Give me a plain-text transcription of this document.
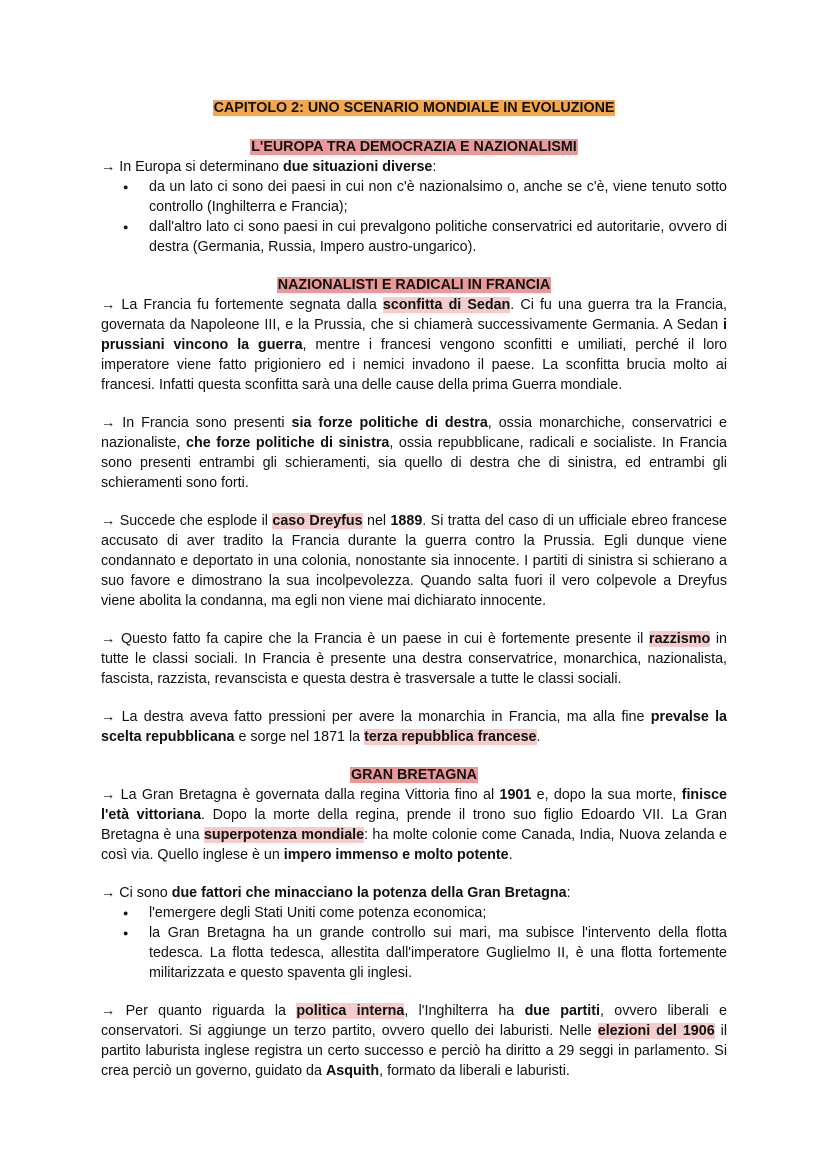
CAPITOLO 2: UNO SCENARIO MONDIALE IN EVOLUZIONE
L'EUROPA TRA DEMOCRAZIA E NAZIONALISMI

→ In Europa si determinano due situazioni diverse:

● da un lato ci sono dei paesi in cui non c'è nazionalsimo o, anche se c'è, viene tenuto sotto controllo (Inghilterra e Francia);
● dall'altro lato ci sono paesi in cui prevalgono politiche conservatrici ed autoritarie, ovvero di destra (Germania, Russia, Impero austro-ungarico).
NAZIONALISTI E RADICALI IN FRANCIA

→ La Francia fu fortemente segnata dalla sconfitta di Sedan. Ci fu una guerra tra la Francia, governata da Napoleone III, e la Prussia, che si chiamerà successivamente Germania. A Sedan i prussiani vincono la guerra, mentre i francesi vengono sconfitti e umiliati, perché il loro imperatore viene fatto prigioniero ed i nemici invadono il paese. La sconfitta brucia molto ai francesi. Infatti questa sconfitta sarà una delle cause della prima Guerra mondiale.

→ In Francia sono presenti sia forze politiche di destra, ossia monarchiche, conservatrici e nazionaliste, che forze politiche di sinistra, ossia repubblicane, radicali e socialiste. In Francia sono presenti entrambi gli schieramenti, sia quello di destra che di sinistra, ed entrambi gli schieramenti sono forti.

→ Succede che esplode il caso Dreyfus nel 1889. Si tratta del caso di un ufficiale ebreo francese accusato di aver tradito la Francia durante la guerra contro la Prussia. Egli dunque viene condannato e deportato in una colonia, nonostante sia innocente. I partiti di sinistra si schierano a suo favore e dimostrano la sua incolpevolezza. Quando salta fuori il vero colpevole a Dreyfus viene abolita la condanna, ma egli non viene mai dichiarato innocente.

→ Questo fatto fa capire che la Francia è un paese in cui è fortemente presente il razzismo in tutte le classi sociali. In Francia è presente una destra conservatrice, monarchica, nazionalista, fascista, razzista, revanscista e questa destra è trasversale a tutte le classi sociali.

→ La destra aveva fatto pressioni per avere la monarchia in Francia, ma alla fine prevalse la scelta repubblicana e sorge nel 1871 la terza repubblica francese.

GRAN BRETAGNA

→ La Gran Bretagna è governata dalla regina Vittoria fino al 1901 e, dopo la sua morte, finisce l'età vittoriana. Dopo la morte della regina, prende il trono suo figlio Edoardo VII. La Gran Bretagna è una superpotenza mondiale: ha molte colonie come Canada, India, Nuova zelanda e così via. Quello inglese è un impero immenso e molto potente.

→ Ci sono due fattori che minacciano la potenza della Gran Bretagna:

● l'emergere degli Stati Uniti come potenza economica;
● la Gran Bretagna ha un grande controllo sui mari, ma subisce l'intervento della flotta tedesca. La flotta tedesca, allestita dall'imperatore Guglielmo II, è una flotta fortemente militarizzata e questo spaventa gli inglesi.

→ Per quanto riguarda la politica interna, l'Inghilterra ha due partiti, ovvero liberali e conservatori. Si aggiunge un terzo partito, ovvero quello dei laburisti. Nelle elezioni del 1906 il partito laburista inglese registra un certo successo e perciò ha diritto a 29 seggi in parlamento. Si crea perciò un governo, guidato da Asquith, formato da liberali e laburisti.
